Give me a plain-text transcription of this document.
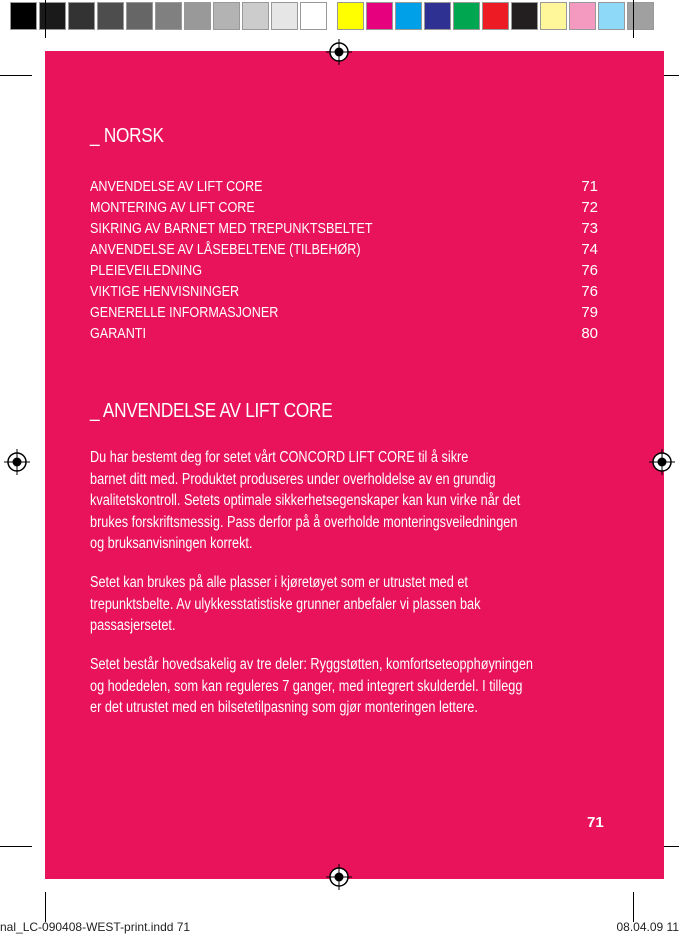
_ NORSK
ANVENDELSE AV LIFT CORE	71
MONTERING AV LIFT CORE	72
SIKRING AV BARNET MED TREPUNKTSBELTET	73
ANVENDELSE AV LÅSEBELTENE (TILBEHØR)	74
PLEIEVEILEDNING	76
VIKTIGE HENVISNINGER	76
GENERELLE INFORMASJONER	79
GARANTI	80
_ ANVENDELSE AV LIFT CORE
Du har bestemt deg for setet vårt CONCORD LIFT CORE til å sikre
barnet ditt med. Produktet produseres under overholdelse av en grundig
kvalitetskontroll. Setets optimale sikkerhetsegenskaper kan kun virke når det
brukes forskriftsmessig. Pass derfor på å overholde monteringsveiledningen
og bruksanvisningen korrekt.
Setet kan brukes på alle plasser i kjøretøyet som er utrustet med et
trepunktsbelte. Av ulykkesstatistiske grunner anbefaler vi plassen bak
passasjersetet.
Setet består hovedsakelig av tre deler: Ryggstøtten, komfortseteopphøyningen
og hodedelen, som kan reguleres 7 ganger, med integrert skulderdel. I tillegg
er det utrustet med en bilsetetilpasning som gjør monteringen lettere.
71
nal_LC-090408-WEST-print.indd 71	08.04.09 11
